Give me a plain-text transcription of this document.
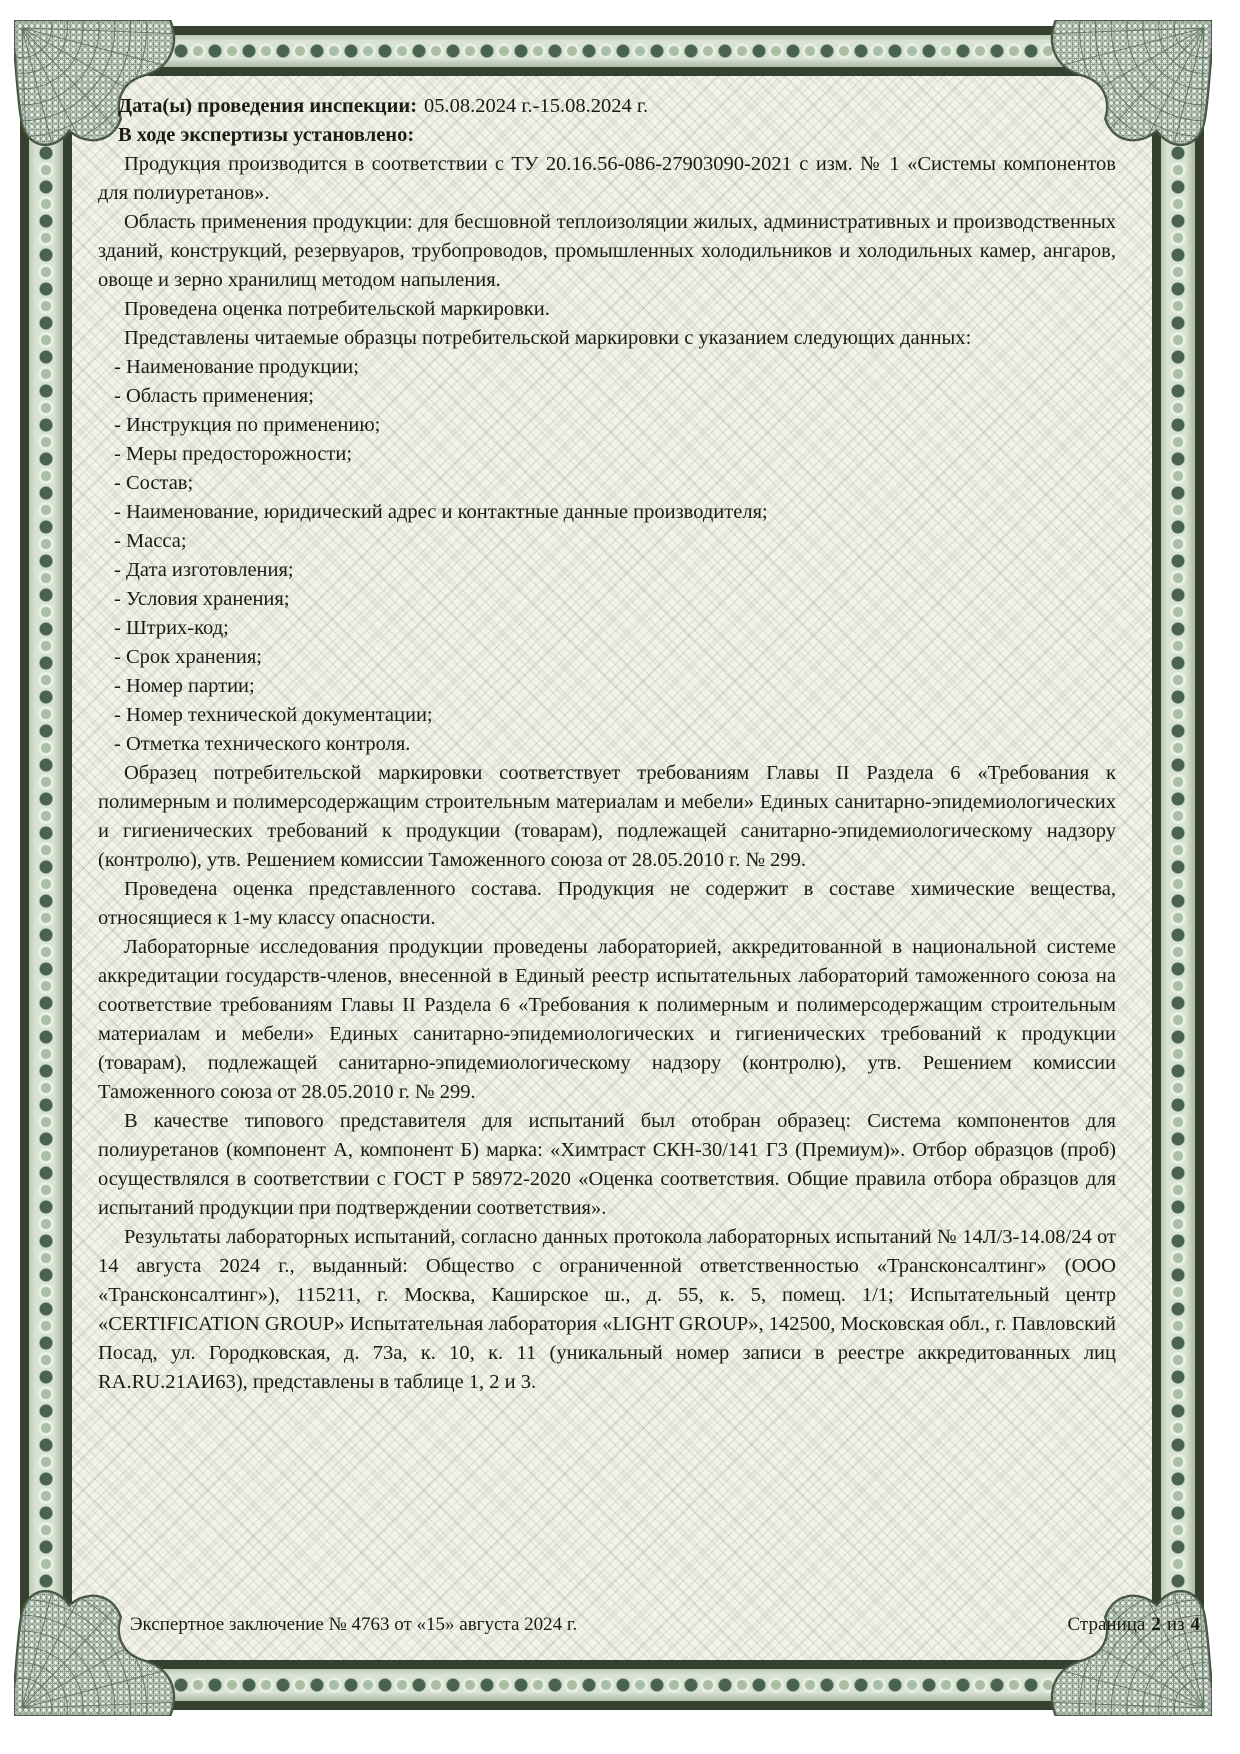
Дата(ы) проведения инспекции: 05.08.2024 г.-15.08.2024 г.
В ходе экспертизы установлено:

Продукция производится в соответствии с ТУ 20.16.56-086-27903090-2021 с изм. № 1 «Системы компонентов для полиуретанов».

Область применения продукции: для бесшовной теплоизоляции жилых, административных и производственных зданий, конструкций, резервуаров, трубопроводов, промышленных холодильников и холодильных камер, ангаров, овоще и зерно хранилищ методом напыления.

Проведена оценка потребительской маркировки.

Представлены читаемые образцы потребительской маркировки с указанием следующих данных:

- Наименование продукции;
- Область применения;
- Инструкция по применению;
- Меры предосторожности;
- Состав;
- Наименование, юридический адрес и контактные данные производителя;
- Масса;
- Дата изготовления;
- Условия хранения;
- Штрих-код;
- Срок хранения;
- Номер партии;
- Номер технической документации;
- Отметка технического контроля.

Образец потребительской маркировки соответствует требованиям Главы II Раздела 6 «Требования к полимерным и полимерсодержащим строительным материалам и мебели» Единых санитарно-эпидемиологических и гигиенических требований к продукции (товарам), подлежащей санитарно-эпидемиологическому надзору (контролю), утв. Решением комиссии Таможенного союза от 28.05.2010 г. № 299.

Проведена оценка представленного состава. Продукция не содержит в составе химические вещества, относящиеся к 1-му классу опасности.

Лабораторные исследования продукции проведены лабораторией, аккредитованной в национальной системе аккредитации государств-членов, внесенной в Единый реестр испытательных лабораторий таможенного союза на соответствие требованиям Главы II Раздела 6 «Требования к полимерным и полимерсодержащим строительным материалам и мебели» Единых санитарно-эпидемиологических и гигиенических требований к продукции (товарам), подлежащей санитарно-эпидемиологическому надзору (контролю), утв. Решением комиссии Таможенного союза от 28.05.2010 г. № 299.

В качестве типового представителя для испытаний был отобран образец: Система компонентов для полиуретанов (компонент А, компонент Б) марка: «Химтраст СКН-30/141 Г3 (Премиум)». Отбор образцов (проб) осуществлялся в соответствии с ГОСТ Р 58972-2020 «Оценка соответствия. Общие правила отбора образцов для испытаний продукции при подтверждении соответствия».

Результаты лабораторных испытаний, согласно данных протокола лабораторных испытаний № 14Л/3-14.08/24 от 14 августа 2024 г., выданный: Общество с ограниченной ответственностью «Трансконсалтинг» (ООО «Трансконсалтинг»), 115211, г. Москва, Каширское ш., д. 55, к. 5, помещ. 1/1; Испытательный центр «CERTIFICATION GROUP» Испытательная лаборатория «LIGHT GROUP», 142500, Московская обл., г. Павловский Посад, ул. Городковская, д. 73а, к. 10, к. 11 (уникальный номер записи в реестре аккредитованных лиц RA.RU.21АИ63), представлены в таблице 1, 2 и 3.

Экспертное заключение № 4763 от «15» августа 2024 г.	Страница 2 из 4
